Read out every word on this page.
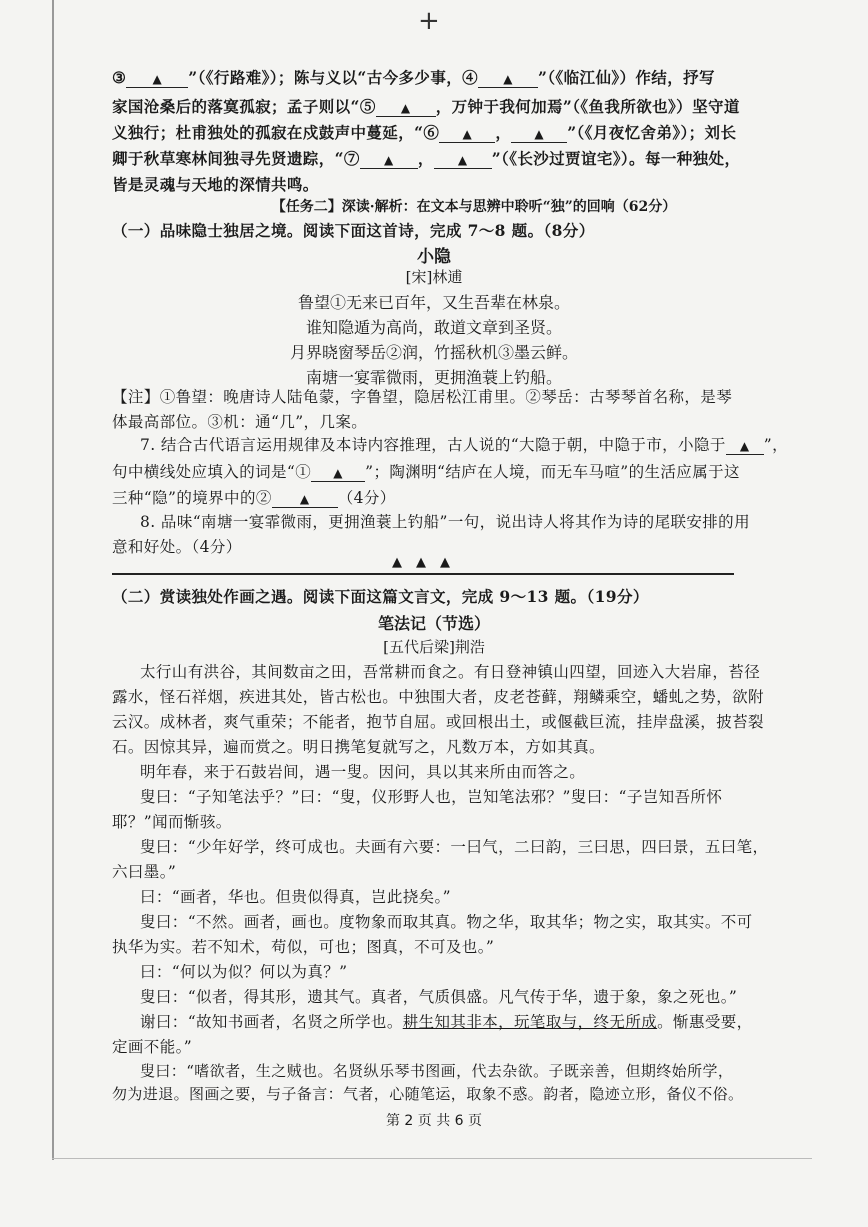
+
③ ▲ ”（《行路难》）；陈与义以“古今多少事，④ ▲ ”（《临江仙》）作结，抒写
家国沧桑后的落寞孤寂；孟子则以“⑤ ▲ ，万钟于我何加焉”（《鱼我所欲也》）坚守道
义独行；杜甫独处的孤寂在戍鼓声中蔓延，“⑥ ▲ ， ▲ ”（《月夜忆舍弟》）；刘长
卿于秋草寒林间独寻先贤遗踪，“⑦ ▲ ， ▲ ”（《长沙过贾谊宅》）。每一种独处，
皆是灵魂与天地的深情共鸣。
【任务二】深读·解析：在文本与思辨中聆听“独”的回响（62分）
（一）品味隐士独居之境。阅读下面这首诗，完成 7～8 题。（8分）
小隐
[宋]林逋
鲁望①无来已百年，又生吾辈在林泉。
谁知隐遁为高尚，敢道文章到圣贤。
月界晓窗琴岳②润，竹摇秋机③墨云鲜。
南塘一宴霏微雨，更拥渔蓑上钓船。
【注】①鲁望：晚唐诗人陆龟蒙，字鲁望，隐居松江甫里。②琴岳：古琴琴首名称，是琴
体最高部位。③机：通“几”，几案。
7. 结合古代语言运用规律及本诗内容推理，古人说的“大隐于朝，中隐于市，小隐于 ▲ ”，
句中横线处应填入的词是“① ▲ ”；陶渊明“结庐在人境，而无车马喧”的生活应属于这
三种“隐”的境界中的② ▲ （4分）
8. 品味“南塘一宴霏微雨，更拥渔蓑上钓船”一句，说出诗人将其作为诗的尾联安排的用
意和好处。（4分）
▲▲▲
（二）赏读独处作画之遇。阅读下面这篇文言文，完成 9～13 题。（19分）
笔法记（节选）
[五代后梁]荆浩
太行山有洪谷，其间数亩之田，吾常耕而食之。有日登神镇山四望，回迹入大岩扉，苔径
露水，怪石祥烟，疾进其处，皆古松也。中独围大者，皮老苍藓，翔鳞乘空，蟠虬之势，欲附
云汉。成林者，爽气重荣；不能者，抱节自屈。或回根出土，或偃截巨流，挂岸盘溪，披苔裂
石。因惊其异，遍而赏之。明日携笔复就写之，凡数万本，方如其真。
明年春，来于石鼓岩间，遇一叟。因问，具以其来所由而答之。
叟曰：“子知笔法乎？”曰：“叟，仪形野人也，岂知笔法邪？”叟曰：“子岂知吾所怀
耶？”闻而惭骇。
叟曰：“少年好学，终可成也。夫画有六要：一曰气，二曰韵，三曰思，四曰景，五曰笔，
六曰墨。”
曰：“画者，华也。但贵似得真，岂此挠矣。”
叟曰：“不然。画者，画也。度物象而取其真。物之华，取其华；物之实，取其实。不可
执华为实。若不知术，苟似，可也；图真，不可及也。”
曰：“何以为似？何以为真？”
叟曰：“似者，得其形，遗其气。真者，气质俱盛。凡气传于华，遗于象，象之死也。”
谢曰：“故知书画者，名贤之所学也。耕生知其非本，玩笔取与，终无所成。惭惠受要，
定画不能。”
叟曰：“嗜欲者，生之贼也。名贤纵乐琴书图画，代去杂欲。子既亲善，但期终始所学，
勿为进退。图画之要，与子备言：气者，心随笔运，取象不惑。韵者，隐迹立形，备仪不俗。
第 2 页 共 6 页
